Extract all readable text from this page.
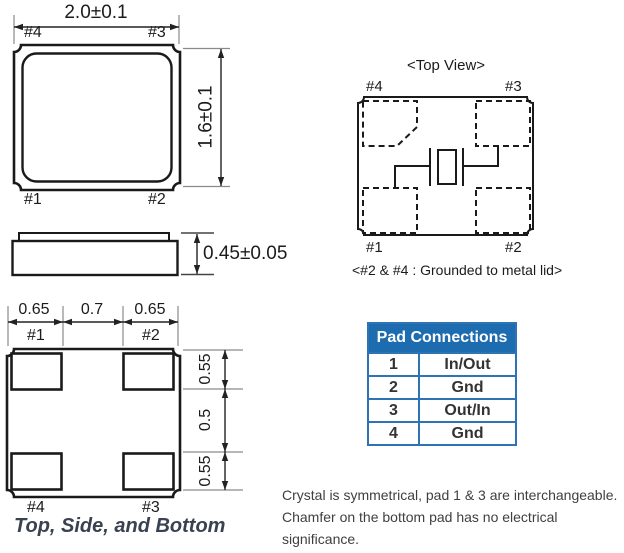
2.0±0.1
1.6±0.1
#4	#3
#1	#2
0.45±0.05
0.65 0.7 0.65
0.55
0.5
0.55
#1	#2
#4	#3
Top, Side, and Bottom
<Top View>
#4	#3
#1	#2
<#2 & #4 : Grounded to metal lid>
Pad Connections	
1	In/Out
2	Gnd
3	Out/In
4	Gnd
Crystal is symmetrical, pad 1 & 3 are interchangeable.
Chamfer on the bottom pad has no electrical
significance.
